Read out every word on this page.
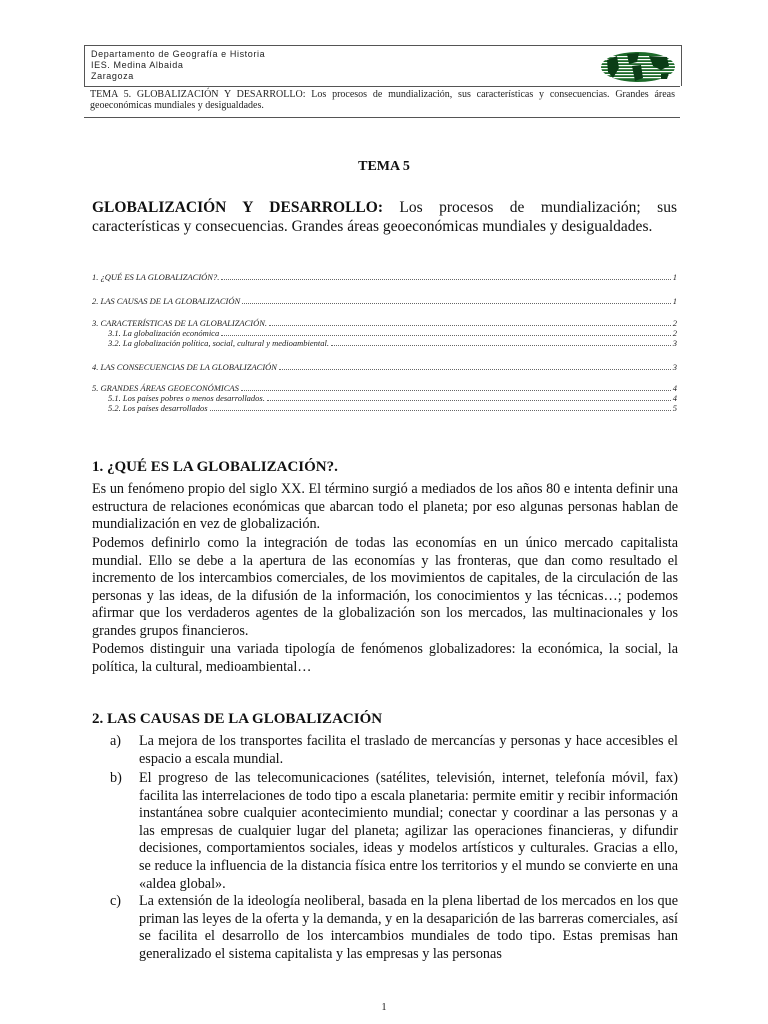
Departamento de Geografía e Historia
IES. Medina Albaida
Zaragoza

TEMA 5. GLOBALIZACIÓN Y DESARROLLO: Los procesos de mundialización, sus características y consecuencias. Grandes áreas geoeconómicas mundiales y desigualdades.

TEMA 5
GLOBALIZACIÓN Y DESARROLLO: Los procesos de mundialización; sus características y consecuencias. Grandes áreas geoeconómicas mundiales y desigualdades.
1. ¿QUÉ ES LA GLOBALIZACIÓN?.	1
2. LAS CAUSAS DE LA GLOBALIZACIÓN	1
3. CARACTERÍSTICAS DE LA GLOBALIZACIÓN.	2
3.1. La globalización económica	2
3.2. La globalización política, social, cultural y medioambiental.	3
4. LAS CONSECUENCIAS DE LA GLOBALIZACIÓN	3
5. GRANDES ÁREAS GEOECONÓMICAS	4
5.1. Los países pobres o menos desarrollados.	4
5.2. Los países desarrollados	5
1. ¿QUÉ ES LA GLOBALIZACIÓN?.

Es un fenómeno propio del siglo XX. El término surgió a mediados de los años 80 e intenta definir una estructura de relaciones económicas que abarcan todo el planeta; por eso algunas personas hablan de mundialización en vez de globalización.

Podemos definirlo como la integración de todas las economías en un único mercado capitalista mundial. Ello se debe a la apertura de las economías y las fronteras, que dan como resultado el incremento de los intercambios comerciales, de los movimientos de capitales, de la circulación de las personas y las ideas, de la difusión de la información, los conocimientos y las técnicas…; podemos afirmar que los verdaderos agentes de la globalización son los mercados, las multinacionales y los grandes grupos financieros.

Podemos distinguir una variada tipología de fenómenos globalizadores: la económica, la social, la política, la cultural, medioambiental…

2. LAS CAUSAS DE LA GLOBALIZACIÓN
a) La mejora de los transportes facilita el traslado de mercancías y personas y hace accesibles el espacio a escala mundial.
b) El progreso de las telecomunicaciones (satélites, televisión, internet, telefonía móvil, fax) facilita las interrelaciones de todo tipo a escala planetaria: permite emitir y recibir información instantánea sobre cualquier acontecimiento mundial; conectar y coordinar a las personas y a las empresas de cualquier lugar del planeta; agilizar las operaciones financieras, y difundir decisiones, comportamientos sociales, ideas y modelos artísticos y culturales. Gracias a ello, se reduce la influencia de la distancia física entre los territorios y el mundo se convierte en una «aldea global».
c) La extensión de la ideología neoliberal, basada en la plena libertad de los mercados en los que priman las leyes de la oferta y la demanda, y en la desaparición de las barreras comerciales, así se facilita el desarrollo de los intercambios mundiales de todo tipo. Estas premisas han generalizado el sistema capitalista y las empresas y las personas
1
